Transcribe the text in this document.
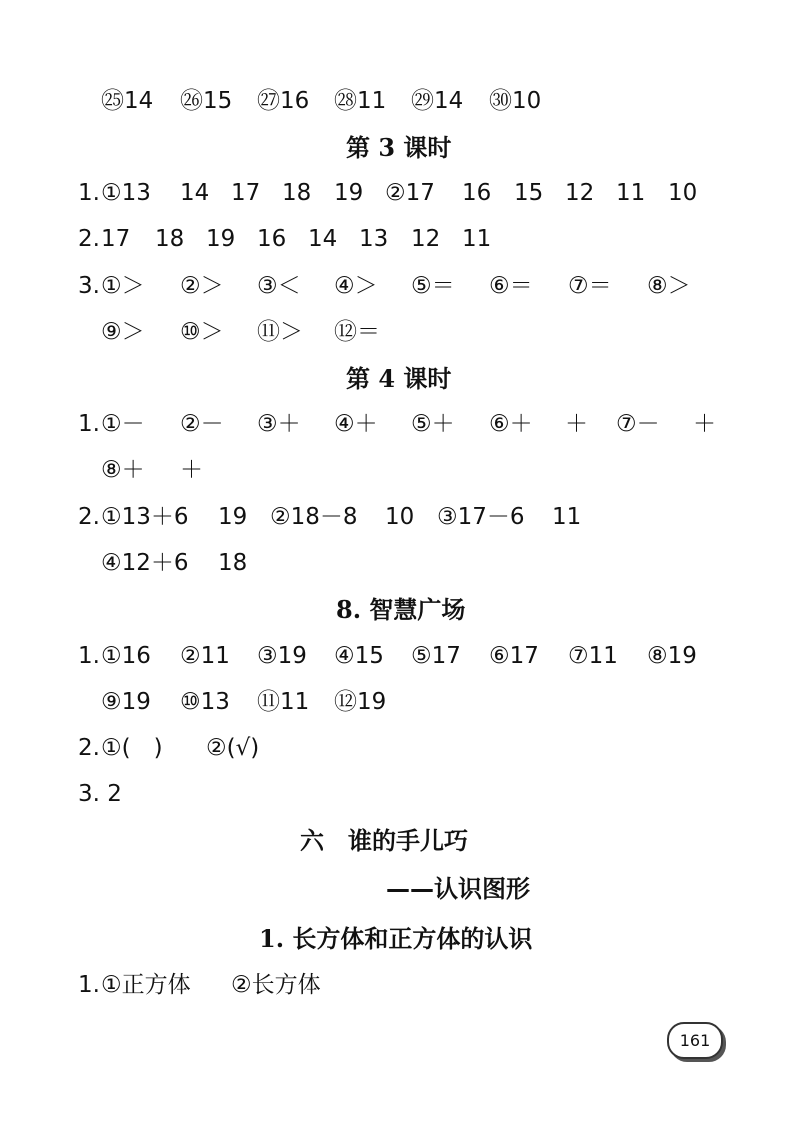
㉕14 ㉖15 ㉗16 ㉘11 ㉙14 ㉚10
第 3 课时
1. ①13 14 17 18 19 ②17 16 15 12 11 10
2. 17 18 19 16 14 13 12 11
3. ①＞ ②＞ ③＜ ④＞ ⑤＝ ⑥＝ ⑦＝ ⑧＞
⑨＞ ⑩＞ ⑪＞ ⑫＝
第 4 课时
1. ①－ ②－ ③＋ ④＋ ⑤＋ ⑥＋ ＋ ⑦－ ＋
⑧＋ ＋
2. ①13＋6 19 ②18－8 10 ③17－6 11
④12＋6 18
8. 智慧广场
1. ①16 ②11 ③19 ④15 ⑤17 ⑥17 ⑦11 ⑧19
⑨19 ⑩13 ⑪11 ⑫19
2. ①(　) ②(√)
3. 2
六　谁的手儿巧
——认识图形
1. 长方体和正方体的认识
1. ①正方体 ②长方体
161
